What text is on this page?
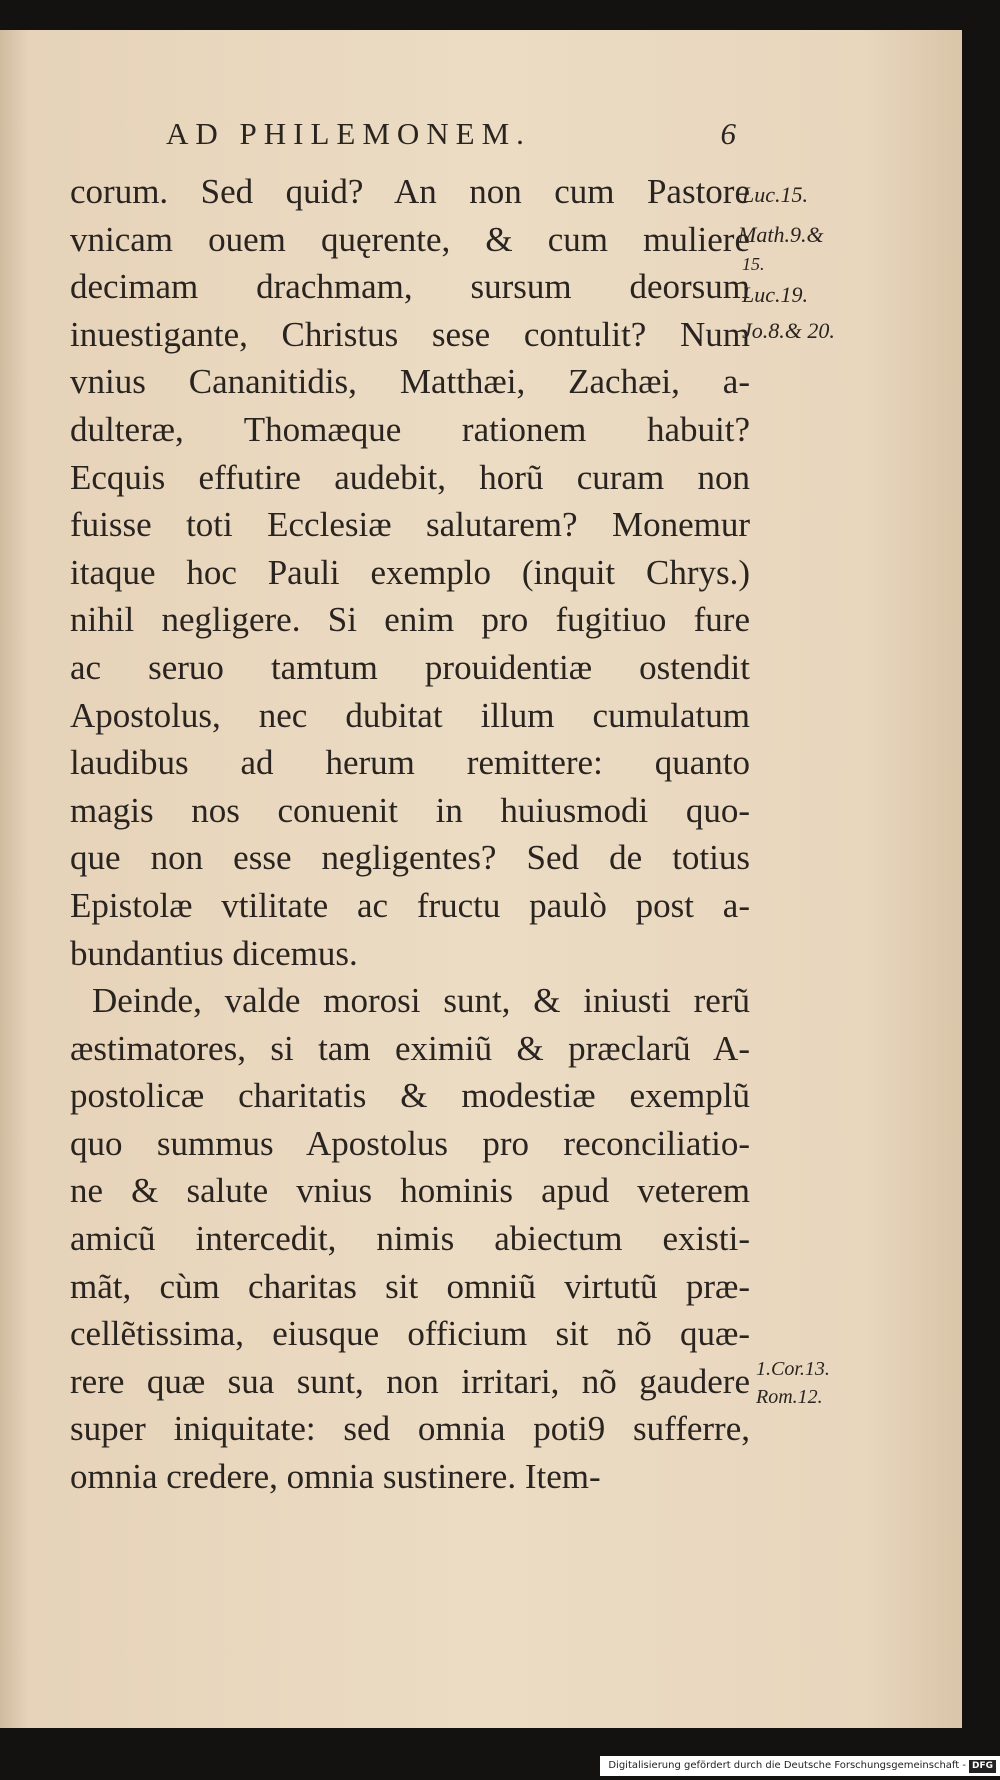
AD PHILEMONEM.	6
corum. Sed quid? An non cum Pastore
vnicam ouem quęrente, & cum muliere
decimam drachmam, sursum deorsum
inuestigante, Christus sese contulit? Num
vnius Cananitidis, Matthæi, Zachæi, a-
dulteræ, Thomæque rationem habuit?
Ecquis effutire audebit, horũ curam non
fuisse toti Ecclesiæ salutarem? Monemur
itaque hoc Pauli exemplo (inquit Chrys.)
nihil negligere. Si enim pro fugitiuo fure
ac seruo tamtum prouidentiæ ostendit
Apostolus, nec dubitat illum cumulatum
laudibus ad herum remittere: quanto
magis nos conuenit in huiusmodi quo-
que non esse negligentes? Sed de totius
Epistolæ vtilitate ac fructu paulò post a-
bundantius dicemus.
Deinde, valde morosi sunt, & iniusti rerũ
æstimatores, si tam eximiũ & præclarũ A-
postolicæ charitatis & modestiæ exemplũ
quo summus Apostolus pro reconciliatio-
ne & salute vnius hominis apud veterem
amicũ intercedit, nimis abiectum existi-
mãt, cùm charitas sit omniũ virtutũ præ-
cellẽtissima, eiusque officium sit nõ quæ-
rere quæ sua sunt, non irritari, nõ gaudere
super iniquitate: sed omnia poti9 sufferre,
omnia credere, omnia sustinere. Item-
Luc.15.
Math.9.&
15.
Luc.19.
Jo.8.& 20.
1.Cor.13.
Rom.12.
Digitalisierung gefördert durch die Deutsche Forschungsgemeinschaft - DFG
